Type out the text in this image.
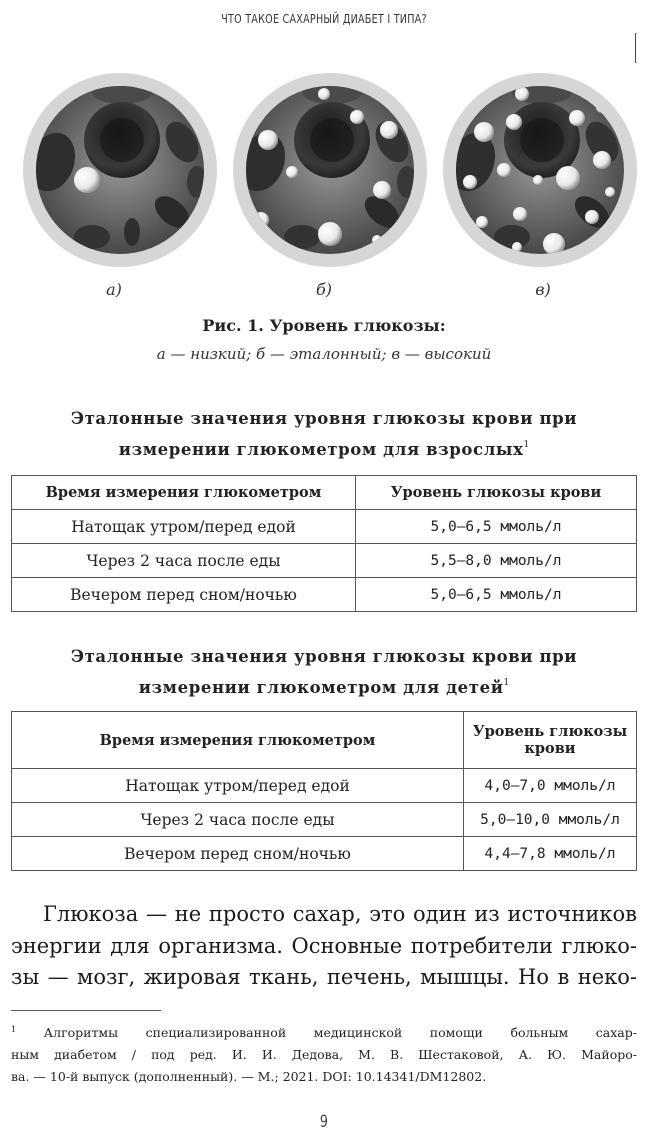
ЧТО ТАКОЕ САХАРНЫЙ ДИАБЕТ I ТИПА?
а)	б)	в)
Рис. 1. Уровень глюкозы:
а — низкий; б — эталонный; в — высокий
Эталонные значения уровня глюкозы крови при
измерении глюкометром для взрослых$^1$
Время измерения глюкометром	Уровень глюкозы крови
Натощак утром/перед едой	5,0–6,5 ммоль/л
Через 2 часа после еды	5,5–8,0 ммоль/л
Вечером перед сном/ночью	5,0–6,5 ммоль/л
Эталонные значения уровня глюкозы крови при
измерении глюкометром для детей$^1$
Время измерения глюкометром	Уровень глюкозы крови
Натощак утром/перед едой	4,0–7,0 ммоль/л
Через 2 часа после еды	5,0–10,0 ммоль/л
Вечером перед сном/ночью	4,4–7,8 ммоль/л
Глюкоза — не просто сахар, это один из источников
энергии для организма. Основные потребители глюко-
зы — мозг, жировая ткань, печень, мышцы. Но в неко-
$^1$ Алгоритмы специализированной медицинской помощи больным сахар-
ным диабетом / под ред. И. И. Дедова, М. В. Шестаковой, А. Ю. Майоро-
ва. — 10-й выпуск (дополненный). — М.; 2021. DOI: 10.14341/DM12802.
9
